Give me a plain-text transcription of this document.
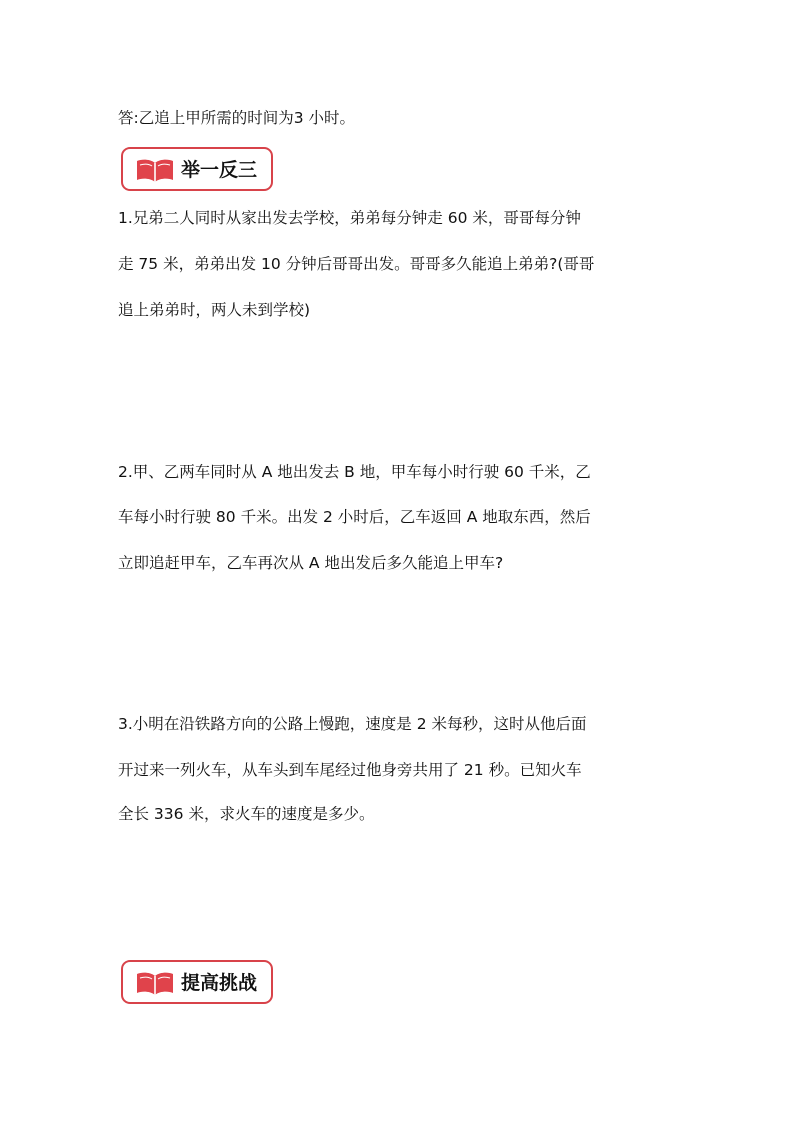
答:乙追上甲所需的时间为3 小时。
举一反三
1.兄弟二人同时从家出发去学校，弟弟每分钟走 60 米，哥哥每分钟
走 75 米，弟弟出发 10 分钟后哥哥出发。哥哥多久能追上弟弟?(哥哥
追上弟弟时，两人未到学校)
2.甲、乙两车同时从 A 地出发去 B 地，甲车每小时行驶 60 千米，乙
车每小时行驶 80 千米。出发 2 小时后，乙车返回 A 地取东西，然后
立即追赶甲车，乙车再次从 A 地出发后多久能追上甲车?
3.小明在沿铁路方向的公路上慢跑，速度是 2 米每秒，这时从他后面
开过来一列火车，从车头到车尾经过他身旁共用了 21 秒。已知火车
全长 336 米，求火车的速度是多少。
提高挑战
